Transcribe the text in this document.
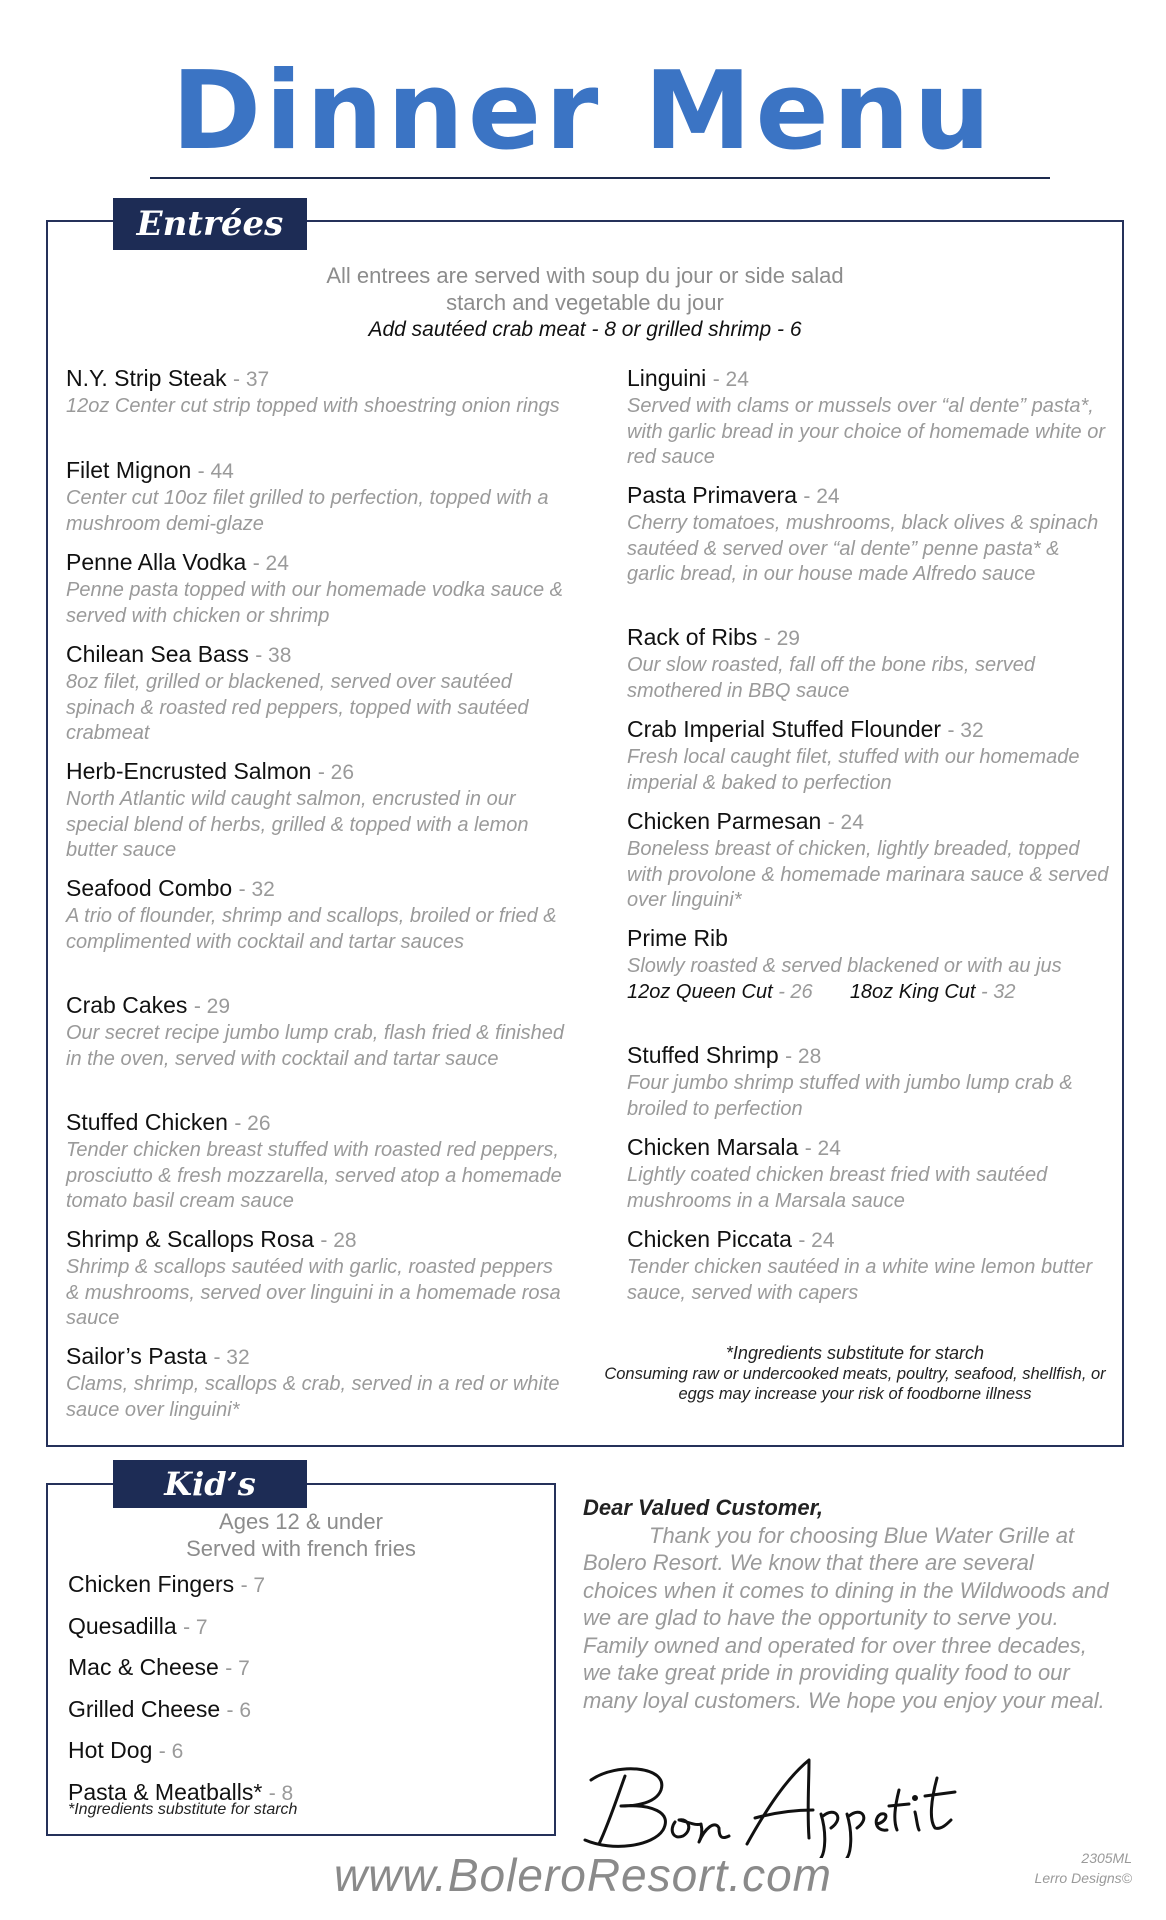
Dinner Menu
Entrées
All entrees are served with soup du jour or side salad
starch and vegetable du jour
Add sautéed crab meat - 8 or grilled shrimp - 6
N.Y. Strip Steak - 37
12oz Center cut strip topped with shoestring onion rings
Filet Mignon - 44
Center cut 10oz filet grilled to perfection, topped with a mushroom demi-glaze
Penne Alla Vodka - 24
Penne pasta topped with our homemade vodka sauce & served with chicken or shrimp
Chilean Sea Bass - 38
8oz filet, grilled or blackened, served over sautéed spinach & roasted red peppers, topped with sautéed crabmeat
Herb-Encrusted Salmon - 26
North Atlantic wild caught salmon, encrusted in our special blend of herbs, grilled & topped with a lemon butter sauce
Seafood Combo - 32
A trio of flounder, shrimp and scallops, broiled or fried & complimented with cocktail and tartar sauces
Crab Cakes - 29
Our secret recipe jumbo lump crab, flash fried & finished in the oven, served with cocktail and tartar sauce
Stuffed Chicken - 26
Tender chicken breast stuffed with roasted red peppers, prosciutto & fresh mozzarella, served atop a homemade tomato basil cream sauce
Shrimp & Scallops Rosa - 28
Shrimp & scallops sautéed with garlic, roasted peppers & mushrooms, served over linguini in a homemade rosa sauce
Sailor’s Pasta - 32
Clams, shrimp, scallops & crab, served in a red or white sauce over linguini*
Linguini - 24
Served with clams or mussels over “al dente” pasta*, with garlic bread in your choice of homemade white or red sauce
Pasta Primavera - 24
Cherry tomatoes, mushrooms, black olives & spinach sautéed & served over “al dente” penne pasta* & garlic bread, in our house made Alfredo sauce
Rack of Ribs - 29
Our slow roasted, fall off the bone ribs, served smothered in BBQ sauce
Crab Imperial Stuffed Flounder - 32
Fresh local caught filet, stuffed with our homemade imperial & baked to perfection
Chicken Parmesan - 24
Boneless breast of chicken, lightly breaded, topped with provolone & homemade marinara sauce & served over linguini*
Prime Rib
Slowly roasted & served blackened or with au jus
12oz Queen Cut - 26 18oz King Cut - 32
Stuffed Shrimp - 28
Four jumbo shrimp stuffed with jumbo lump crab & broiled to perfection
Chicken Marsala - 24
Lightly coated chicken breast fried with sautéed mushrooms in a Marsala sauce
Chicken Piccata - 24
Tender chicken sautéed in a white wine lemon butter sauce, served with capers
*Ingredients substitute for starch
Consuming raw or undercooked meats, poultry, seafood, shellfish, or eggs may increase your risk of foodborne illness
Kid’s Meals
Ages 12 & under
Served with french fries
Chicken Fingers - 7
Quesadilla - 7
Mac & Cheese - 7
Grilled Cheese - 6
Hot Dog - 6
Pasta & Meatballs* - 8
*Ingredients substitute for starch
Dear Valued Customer,
Thank you for choosing Blue Water Grille at Bolero Resort. We know that there are several choices when it comes to dining in the Wildwoods and we are glad to have the opportunity to serve you. Family owned and operated for over three decades, we take great pride in providing quality food to our many loyal customers. We hope you enjoy your meal.
www.BoleroResort.com	2305ML
Lerro Designs©
